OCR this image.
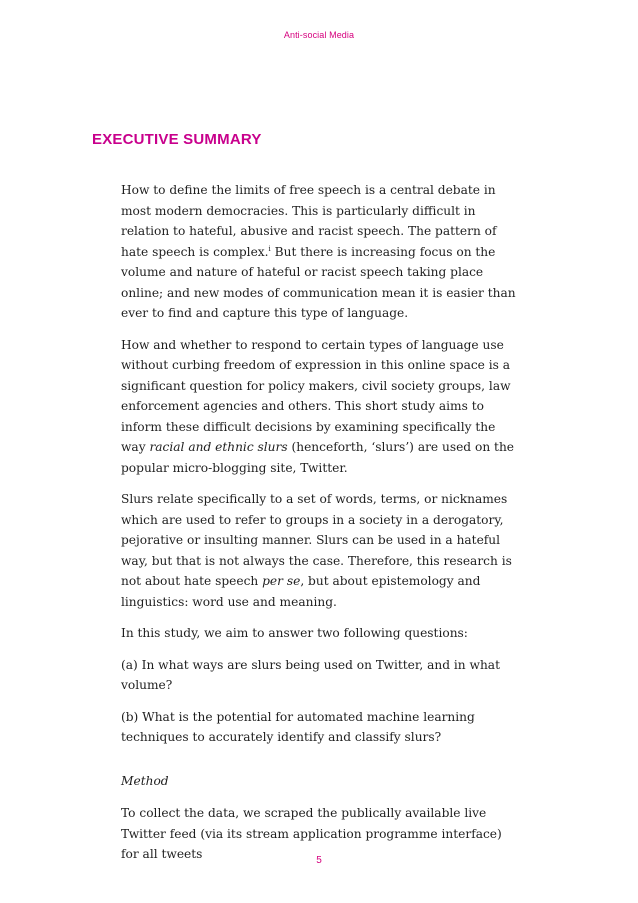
Anti-social Media
EXECUTIVE SUMMARY

How to define the limits of free speech is a central debate in most modern democracies. This is particularly difficult in relation to hateful, abusive and racist speech. The pattern of hate speech is complex.$^i$ But there is increasing focus on the volume and nature of hateful or racist speech taking place online; and new modes of communication mean it is easier than ever to find and capture this type of language.

How and whether to respond to certain types of language use without curbing freedom of expression in this online space is a significant question for policy makers, civil society groups, law enforcement agencies and others. This short study aims to inform these difficult decisions by examining specifically the way racial and ethnic slurs (henceforth, ‘slurs’) are used on the popular micro-blogging site, Twitter.

Slurs relate specifically to a set of words, terms, or nicknames which are used to refer to groups in a society in a derogatory, pejorative or insulting manner. Slurs can be used in a hateful way, but that is not always the case. Therefore, this research is not about hate speech per se, but about epistemology and linguistics: word use and meaning.

In this study, we aim to answer two following questions:

(a) In what ways are slurs being used on Twitter, and in what volume?

(b) What is the potential for automated machine learning techniques to accurately identify and classify slurs?

Method

To collect the data, we scraped the publically available live Twitter feed (via its stream application programme interface) for all tweets	5
